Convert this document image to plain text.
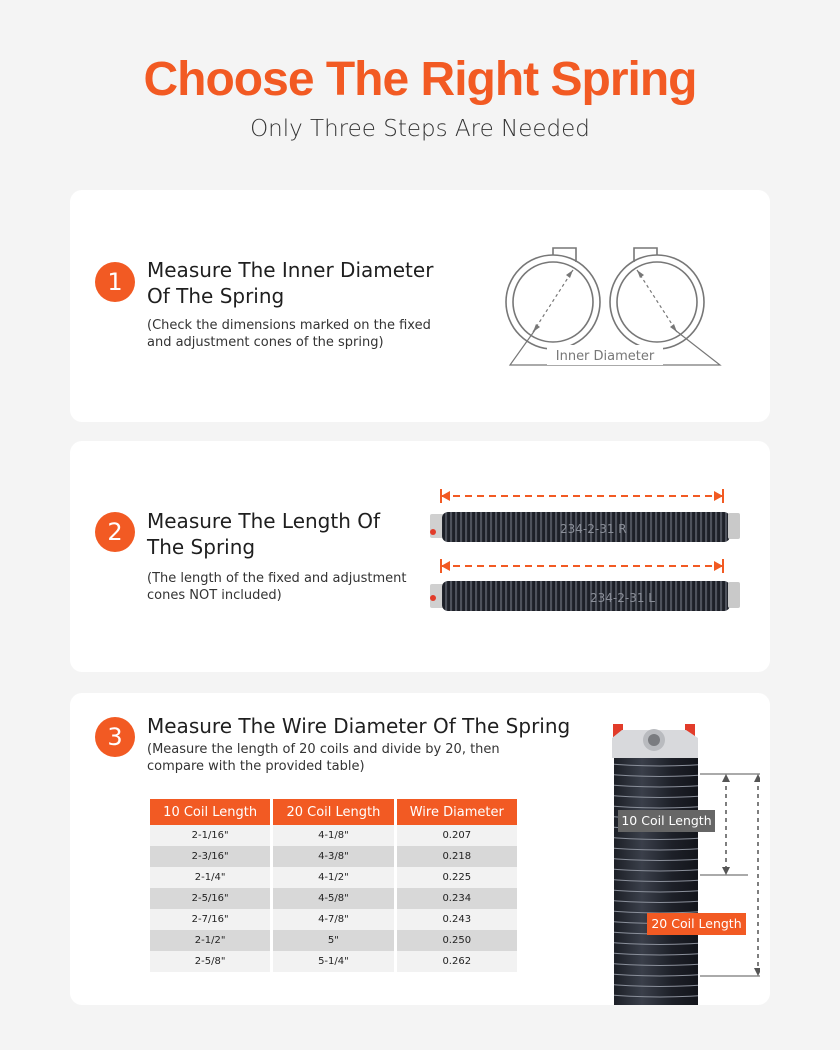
Choose The Right Spring
Only Three Steps Are Needed
1	Measure The Inner Diameter
Of The Spring
(Check the dimensions marked on the fixed
and adjustment cones of the spring)
Inner Diameter
2	Measure The Length Of
The Spring
(The length of the fixed and adjustment
cones NOT included)
234-2-31 R
234-2-31 L
3	Measure The Wire Diameter Of The Spring
(Measure the length of 20 coils and divide by 20, then
compare with the provided table)
10 Coil Length	20 Coil Length	Wire Diameter
2-1/16"	4-1/8"	0.207
2-3/16"	4-3/8"	0.218
2-1/4"	4-1/2"	0.225
2-5/16"	4-5/8"	0.234
2-7/16"	4-7/8"	0.243
2-1/2"	5"	0.250
2-5/8"	5-1/4"	0.262
10 Coil Length
20 Coil Length
